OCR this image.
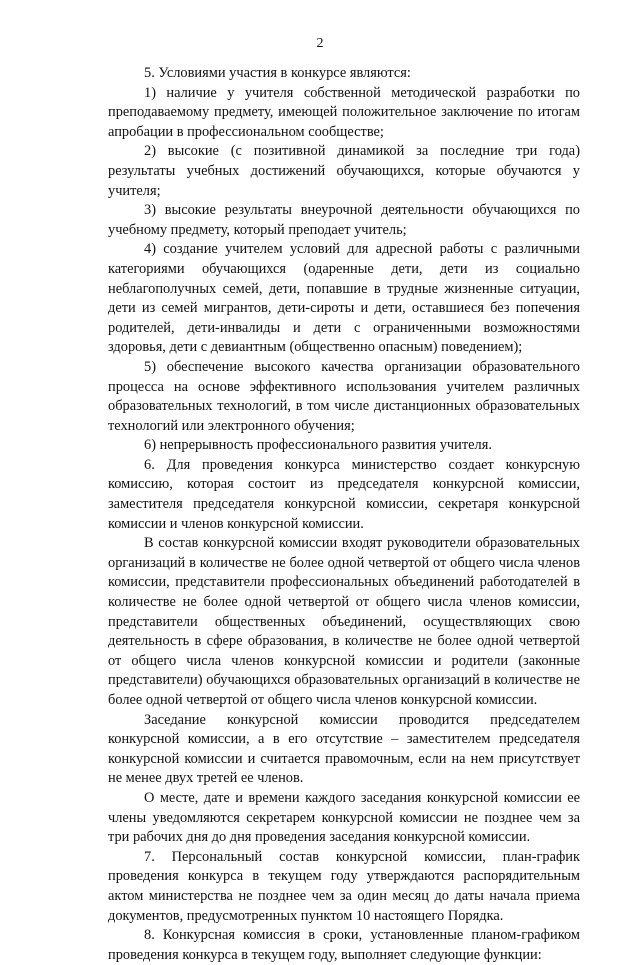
2

5. Условиями участия в конкурсе являются:

1) наличие у учителя собственной методической разработки по преподаваемому предмету, имеющей положительное заключение по итогам апробации в профессиональном сообществе;

2) высокие (с позитивной динамикой за последние три года) результаты учебных достижений обучающихся, которые обучаются у учителя;

3) высокие результаты внеурочной деятельности обучающихся по учебному предмету, который преподает учитель;

4) создание учителем условий для адресной работы с различными категориями обучающихся (одаренные дети, дети из социально неблагополучных семей, дети, попавшие в трудные жизненные ситуации, дети из семей мигрантов, дети-сироты и дети, оставшиеся без попечения родителей, дети-инвалиды и дети с ограниченными возможностями здоровья, дети с девиантным (общественно опасным) поведением);

5) обеспечение высокого качества организации образовательного процесса на основе эффективного использования учителем различных образовательных технологий, в том числе дистанционных образовательных технологий или электронного обучения;

6) непрерывность профессионального развития учителя.

6. Для проведения конкурса министерство создает конкурсную комиссию, которая состоит из председателя конкурсной комиссии, заместителя председателя конкурсной комиссии, секретаря конкурсной комиссии и членов конкурсной комиссии.

В состав конкурсной комиссии входят руководители образовательных организаций в количестве не более одной четвертой от общего числа членов комиссии, представители профессиональных объединений работодателей в количестве не более одной четвертой от общего числа членов комиссии, представители общественных объединений, осуществляющих свою деятельность в сфере образования, в количестве не более одной четвертой от общего числа членов конкурсной комиссии и родители (законные представители) обучающихся образовательных организаций в количестве не более одной четвертой от общего числа членов конкурсной комиссии.

Заседание конкурсной комиссии проводится председателем конкурсной комиссии, а в его отсутствие – заместителем председателя конкурсной комиссии и считается правомочным, если на нем присутствует не менее двух третей ее членов.

О месте, дате и времени каждого заседания конкурсной комиссии ее члены уведомляются секретарем конкурсной комиссии не позднее чем за три рабочих дня до дня проведения заседания конкурсной комиссии.

7. Персональный состав конкурсной комиссии, план-график проведения конкурса в текущем году утверждаются распорядительным актом министерства не позднее чем за один месяц до даты начала приема документов, предусмотренных пунктом 10 настоящего Порядка.

8. Конкурсная комиссия в сроки, установленные планом-графиком проведения конкурса в текущем году, выполняет следующие функции:
